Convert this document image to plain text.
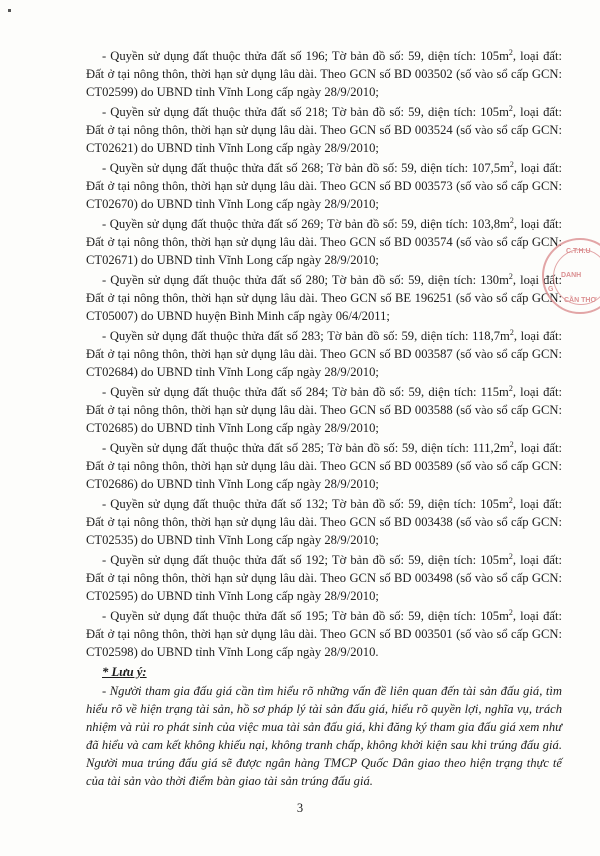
- Quyền sử dụng đất thuộc thửa đất số 196; Tờ bản đồ số: 59, diện tích: $105m^2$, loại đất: Đất ở tại nông thôn, thời hạn sử dụng lâu dài. Theo GCN số BD 003502 (số vào sổ cấp GCN: CT02599) do UBND tỉnh Vĩnh Long cấp ngày 28/9/2010;

- Quyền sử dụng đất thuộc thửa đất số 218; Tờ bản đồ số: 59, diện tích: $105m^2$, loại đất: Đất ở tại nông thôn, thời hạn sử dụng lâu dài. Theo GCN số BD 003524 (số vào sổ cấp GCN: CT02621) do UBND tỉnh Vĩnh Long cấp ngày 28/9/2010;

- Quyền sử dụng đất thuộc thửa đất số 268; Tờ bản đồ số: 59, diện tích: $107,5m^2$, loại đất: Đất ở tại nông thôn, thời hạn sử dụng lâu dài. Theo GCN số BD 003573 (số vào sổ cấp GCN: CT02670) do UBND tỉnh Vĩnh Long cấp ngày 28/9/2010;

- Quyền sử dụng đất thuộc thửa đất số 269; Tờ bản đồ số: 59, diện tích: $103,8m^2$, loại đất: Đất ở tại nông thôn, thời hạn sử dụng lâu dài. Theo GCN số BD 003574 (số vào sổ cấp GCN: CT02671) do UBND tỉnh Vĩnh Long cấp ngày 28/9/2010;

- Quyền sử dụng đất thuộc thửa đất số 280; Tờ bản đồ số: 59, diện tích: $130m^2$, loại đất: Đất ở tại nông thôn, thời hạn sử dụng lâu dài. Theo GCN số BE 196251 (số vào sổ cấp GCN: CT05007) do UBND huyện Bình Minh cấp ngày 06/4/2011;

- Quyền sử dụng đất thuộc thửa đất số 283; Tờ bản đồ số: 59, diện tích: $118,7m^2$, loại đất: Đất ở tại nông thôn, thời hạn sử dụng lâu dài. Theo GCN số BD 003587 (số vào sổ cấp GCN: CT02684) do UBND tỉnh Vĩnh Long cấp ngày 28/9/2010;

- Quyền sử dụng đất thuộc thửa đất số 284; Tờ bản đồ số: 59, diện tích: $115m^2$, loại đất: Đất ở tại nông thôn, thời hạn sử dụng lâu dài. Theo GCN số BD 003588 (số vào sổ cấp GCN: CT02685) do UBND tỉnh Vĩnh Long cấp ngày 28/9/2010;

- Quyền sử dụng đất thuộc thửa đất số 285; Tờ bản đồ số: 59, diện tích: $111,2m^2$, loại đất: Đất ở tại nông thôn, thời hạn sử dụng lâu dài. Theo GCN số BD 003589 (số vào sổ cấp GCN: CT02686) do UBND tỉnh Vĩnh Long cấp ngày 28/9/2010;

- Quyền sử dụng đất thuộc thửa đất số 132; Tờ bản đồ số: 59, diện tích: $105m^2$, loại đất: Đất ở tại nông thôn, thời hạn sử dụng lâu dài. Theo GCN số BD 003438 (số vào sổ cấp GCN: CT02535) do UBND tỉnh Vĩnh Long cấp ngày 28/9/2010;

- Quyền sử dụng đất thuộc thửa đất số 192; Tờ bản đồ số: 59, diện tích: $105m^2$, loại đất: Đất ở tại nông thôn, thời hạn sử dụng lâu dài. Theo GCN số BD 003498 (số vào sổ cấp GCN: CT02595) do UBND tỉnh Vĩnh Long cấp ngày 28/9/2010;

- Quyền sử dụng đất thuộc thửa đất số 195; Tờ bản đồ số: 59, diện tích: $105m^2$, loại đất: Đất ở tại nông thôn, thời hạn sử dụng lâu dài. Theo GCN số BD 003501 (số vào sổ cấp GCN: CT02598) do UBND tỉnh Vĩnh Long cấp ngày 28/9/2010.

* Lưu ý:

- Người tham gia đấu giá cần tìm hiểu rõ những vấn đề liên quan đến tài sản đấu giá, tìm hiểu rõ về hiện trạng tài sản, hồ sơ pháp lý tài sản đấu giá, hiểu rõ quyền lợi, nghĩa vụ, trách nhiệm và rủi ro phát sinh của việc mua tài sản đấu giá, khi đăng ký tham gia đấu giá xem như đã hiểu và cam kết không khiếu nại, không tranh chấp, không khởi kiện sau khi trúng đấu giá. Người mua trúng đấu giá sẽ được ngân hàng TMCP Quốc Dân giao theo hiện trạng thực tế của tài sản vào thời điểm bàn giao tài sản trúng đấu giá.

3
C.T.H.U
DANH
CẦN THƠ
G
